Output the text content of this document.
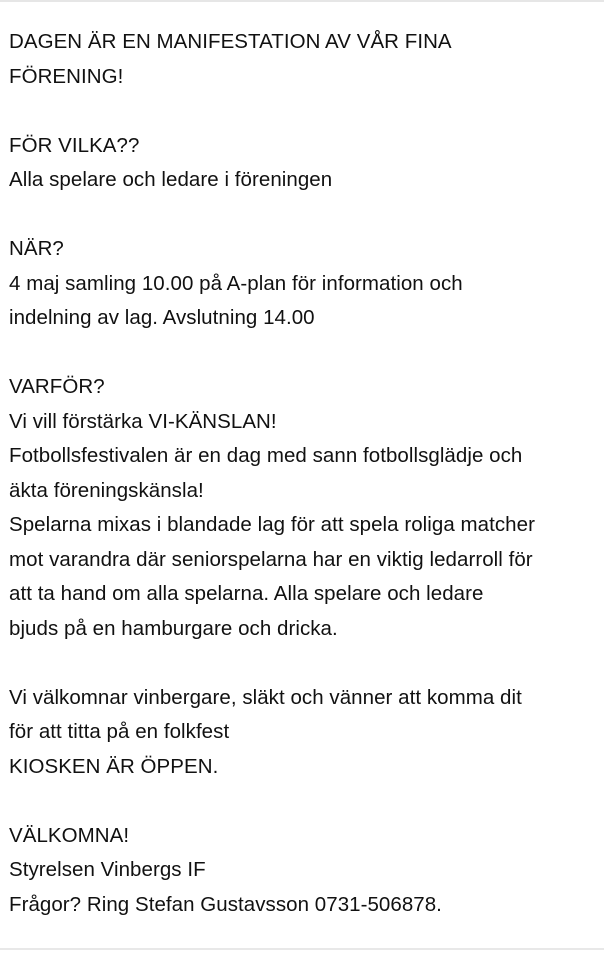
DAGEN ÄR EN MANIFESTATION AV VÅR FINA
FÖRENING!
FÖR VILKA??
Alla spelare och ledare i föreningen
NÄR?
4 maj samling 10.00 på A-plan för information och
indelning av lag. Avslutning 14.00
VARFÖR?
Vi vill förstärka VI-KÄNSLAN!
Fotbollsfestivalen är en dag med sann fotbollsglädje och
äkta föreningskänsla!
Spelarna mixas i blandade lag för att spela roliga matcher
mot varandra där seniorspelarna har en viktig ledarroll för
att ta hand om alla spelarna. Alla spelare och ledare
bjuds på en hamburgare och dricka.
Vi välkomnar vinbergare, släkt och vänner att komma dit
för att titta på en folkfest
KIOSKEN ÄR ÖPPEN.
VÄLKOMNA!
Styrelsen Vinbergs IF
Frågor? Ring Stefan Gustavsson 0731-506878.
